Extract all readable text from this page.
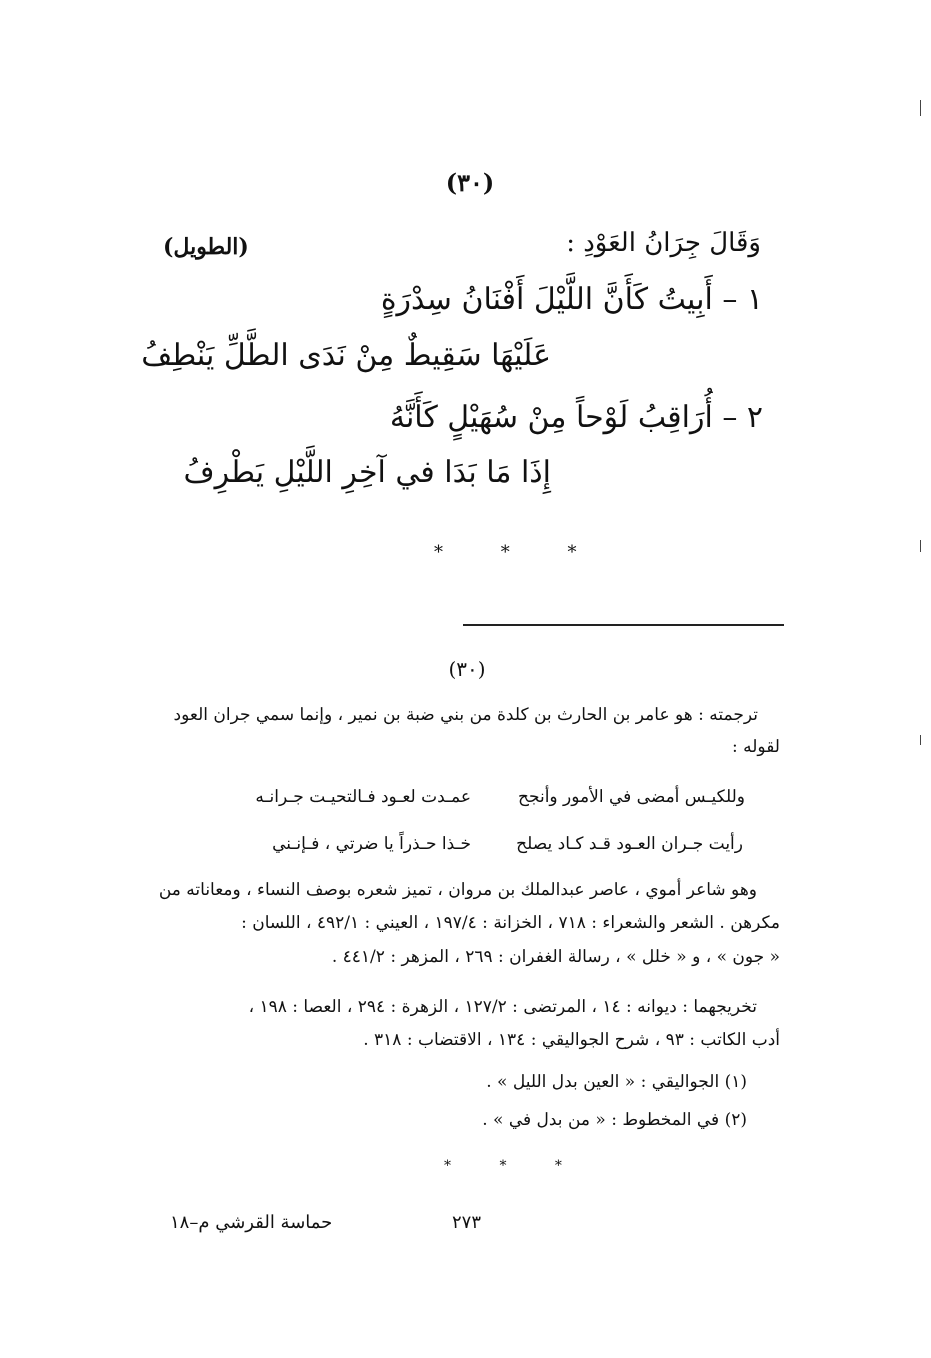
(٣٠)
وَقَالَ جِرَانُ العَوْدِ :
(الطويل)
١ – أَبِيتُ كَأَنَّ اللَّيْلَ أَفْنَانُ سِدْرَةٍ
عَلَيْهَا سَقِيطٌ مِنْ نَدَى الطَّلِّ يَنْطِفُ
٢ – أُرَاقِبُ لَوْحاً مِنْ سُهَيْلٍ كَأَنَّهُ
إِذَا مَا بَدَا في آخِرِ اللَّيْلِ يَطْرِفُ
* * *
(٣٠)
ترجمته : هو عامر بن الحارث بن كلدة من بني ضبة بن نمير ، وإنما سمي جران العود
لقوله :
وللكيـس أمضى في الأمور وأنجح
عمـدت لعـود فـالتحيـت جـرانـه
رأيت جـران العـود قـد كـاد يصلح
خـذا حـذراً يا ضرتي ، فـإنـني
وهو شاعر أموي ، عاصر عبدالملك بن مروان ، تميز شعره بوصف النساء ، ومعاناته من
مكرهن . الشعر والشعراء : ٧١٨ ، الخزانة : ١٩٧/٤ ، العيني : ٤٩٢/١ ، اللسان :
« جون » ، و « خلل » ، رسالة الغفران : ٢٦٩ ، المزهر : ٤٤١/٢ .
تخريجهما : ديوانه : ١٤ ، المرتضى : ١٢٧/٢ ، الزهرة : ٢٩٤ ، العصا : ١٩٨ ،
أدب الكاتب : ٩٣ ، شرح الجواليقي : ١٣٤ ، الاقتضاب : ٣١٨ .
(١) الجواليقي : « العين بدل الليل » .
(٢) في المخطوط : « من بدل في » .
* * *
٢٧٣
حماسة القرشي م–١٨
